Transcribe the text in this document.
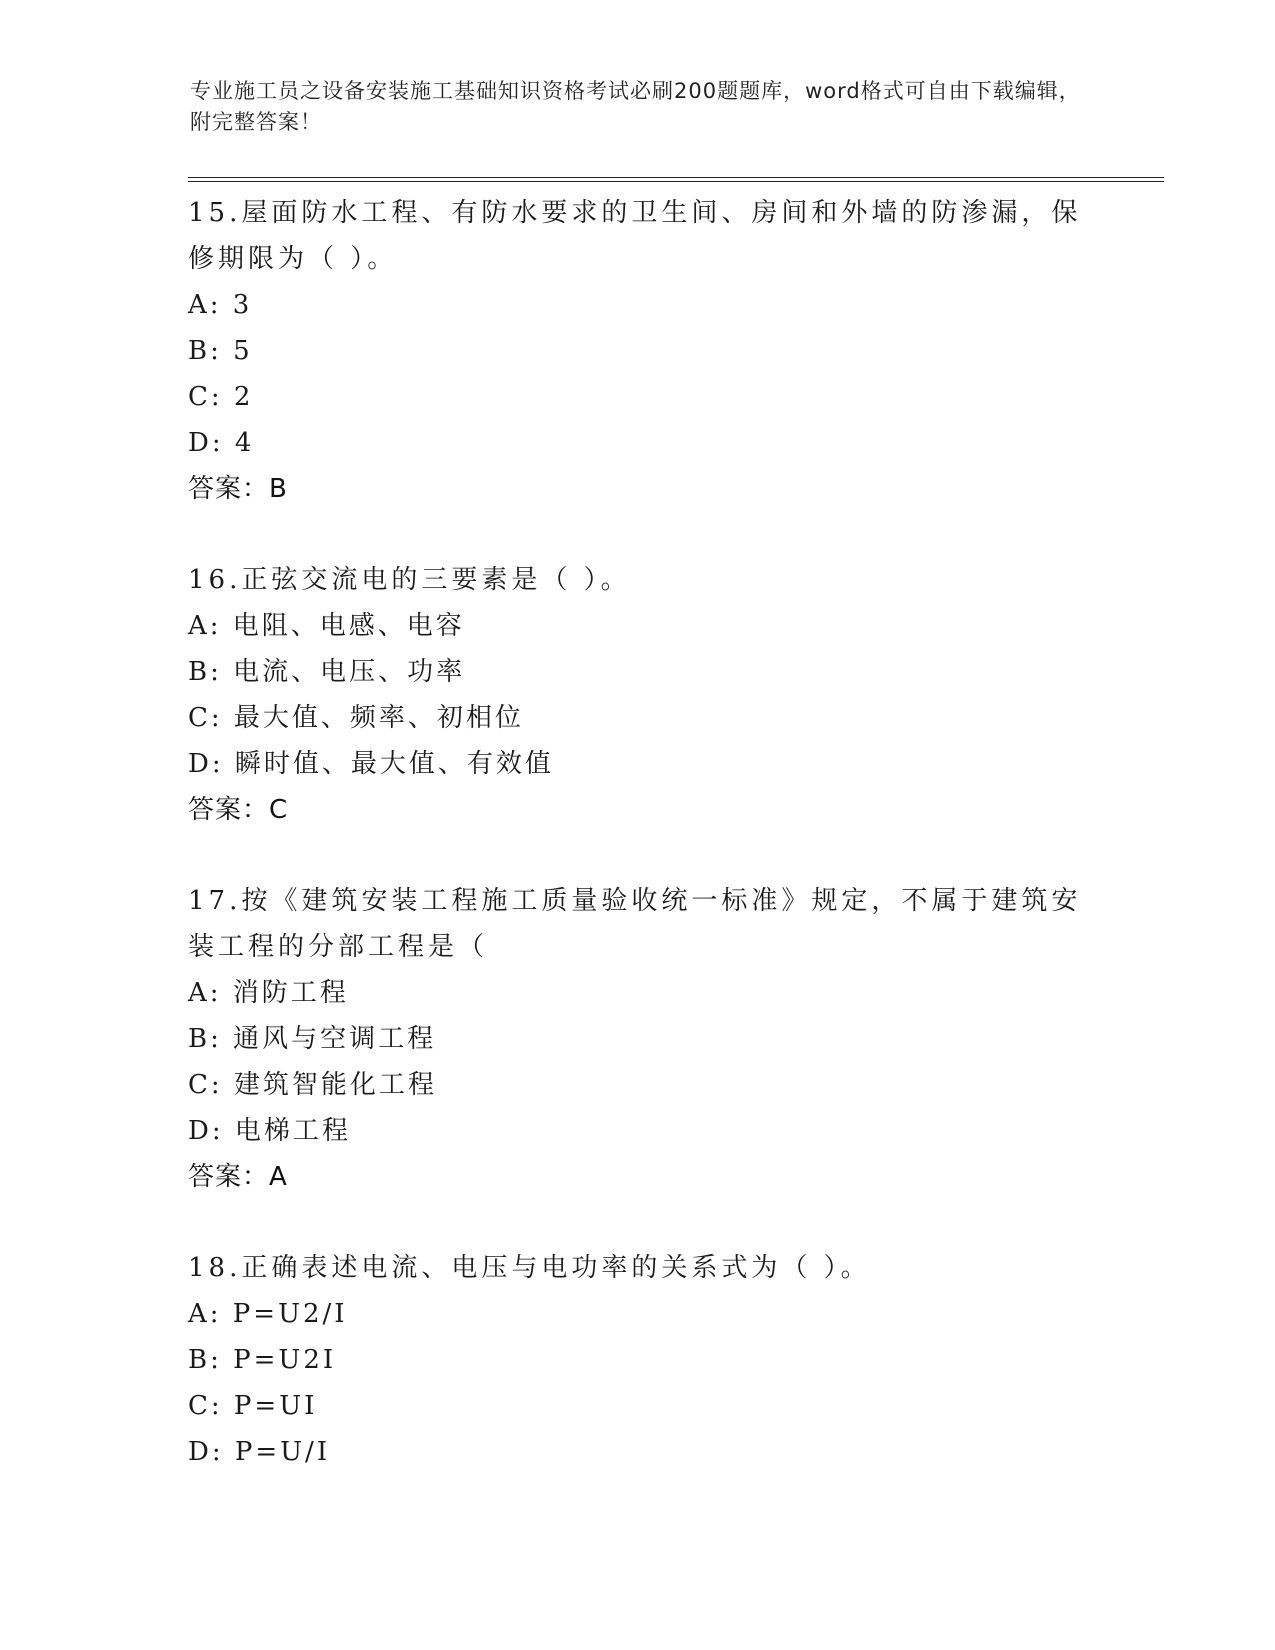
专业施工员之设备安装施工基础知识资格考试必刷200题题库，word格式可自由下载编辑，附完整答案！
15.屋面防水工程、有防水要求的卫生间、房间和外墙的防渗漏，保修期限为（ ）。
A: 3
B: 5
C: 2
D: 4
答案：B
16.正弦交流电的三要素是（ ）。
A: 电阻、电感、电容
B: 电流、电压、功率
C: 最大值、频率、初相位
D: 瞬时值、最大值、有效值
答案：C
17.按《建筑安装工程施工质量验收统一标准》规定，不属于建筑安装工程的分部工程是（
A: 消防工程
B: 通风与空调工程
C: 建筑智能化工程
D: 电梯工程
答案：A
18.正确表述电流、电压与电功率的关系式为（ ）。
A: P=U2/I
B: P=U2I
C: P=UI
D: P=U/I
